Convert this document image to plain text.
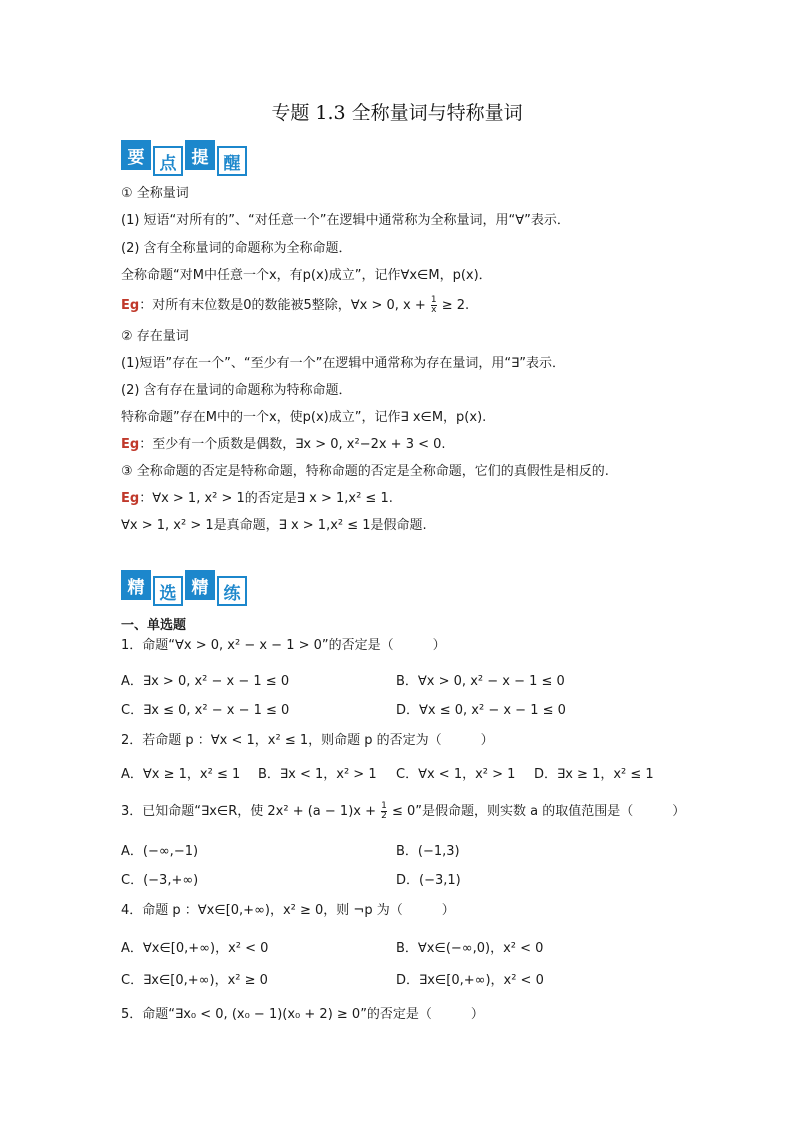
专题 1.3 全称量词与特称量词
要 点 提 醒
① 全称量词
(1) 短语“对所有的”、“对任意一个”在逻辑中通常称为全称量词，用“∀”表示．
(2) 含有全称量词的命题称为全称命题．
全称命题“对M中任意一个x，有p(x)成立”，记作∀x∈M，p(x)．
Eg：对所有末位数是0的数能被5整除，∀x > 0, $x + \frac{1}{x} \ge 2$.
② 存在量词
(1)短语”存在一个”、“至少有一个”在逻辑中通常称为存在量词，用“∃”表示．
(2) 含有存在量词的命题称为特称命题．
特称命题”存在M中的一个x，使p(x)成立”，记作∃ x∈M，p(x).
Eg：至少有一个质数是偶数，∃x > 0, x²−2x + 3 < 0.
③ 全称命题的否定是特称命题，特称命题的否定是全称命题，它们的真假性是相反的.
Eg：∀x > 1, x² > 1的否定是∃ x > 1,x² ≤ 1.
∀x > 1, x² > 1是真命题，∃ x > 1,x² ≤ 1是假命题.
精 选 精 练
一、单选题
1．命题“∀x > 0, x² − x − 1 > 0”的否定是（　　　）
A．∃x > 0, x² − x − 1 ≤ 0	B．∀x > 0, x² − x − 1 ≤ 0
C．∃x ≤ 0, x² − x − 1 ≤ 0	D．∀x ≤ 0, x² − x − 1 ≤ 0
2．若命题 p ：∀x < 1，x² ≤ 1，则命题 p 的否定为（　　　）
A．∀x ≥ 1，x² ≤ 1 B．∃x < 1，x² > 1 C．∀x < 1，x² > 1 D．∃x ≥ 1，x² ≤ 1
3．已知命题“∃x∈R，使 $2x^2 + (a - 1)x + \frac{1}{2} \le 0$”是假命题，则实数 a 的取值范围是（　　　）
A．(−∞,−1)	B．(−1,3)
C．(−3,+∞)	D．(−3,1)
4．命题 p ：∀x∈[0,+∞)，x² ≥ 0，则 ¬p 为（　　　）
A．∀x∈[0,+∞)，x² < 0	B．∀x∈(−∞,0)，x² < 0
C．∃x∈[0,+∞)，x² ≥ 0	D．∃x∈[0,+∞)，x² < 0
5．命题“∃x₀ < 0, (x₀ − 1)(x₀ + 2) ≥ 0”的否定是（　　　）
